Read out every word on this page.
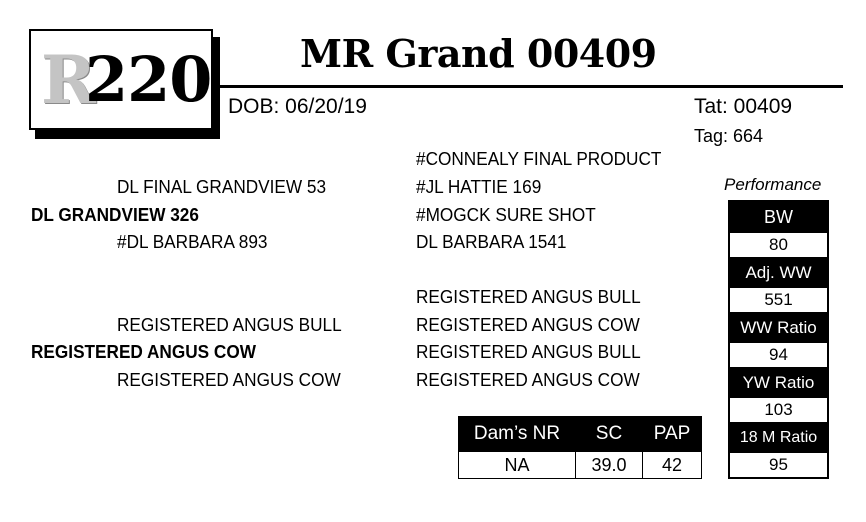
R
220 MR Grand 00409
DOB: 06/20/19	Tat: 00409
Tag: 664
#CONNEALY FINAL PRODUCT
DL FINAL GRANDVIEW 53	#JL HATTIE 169
DL GRANDVIEW 326	#MOGCK SURE SHOT
#DL BARBARA 893	DL BARBARA 1541
REGISTERED ANGUS BULL
REGISTERED ANGUS BULL	REGISTERED ANGUS COW
REGISTERED ANGUS COW	REGISTERED ANGUS BULL
REGISTERED ANGUS COW	REGISTERED ANGUS COW
Performance
BW
80
Adj. WW
551
WW Ratio
94
YW Ratio
103
18 M Ratio
95
Dam’s NR	SC	PAP
NA	39.0	42
